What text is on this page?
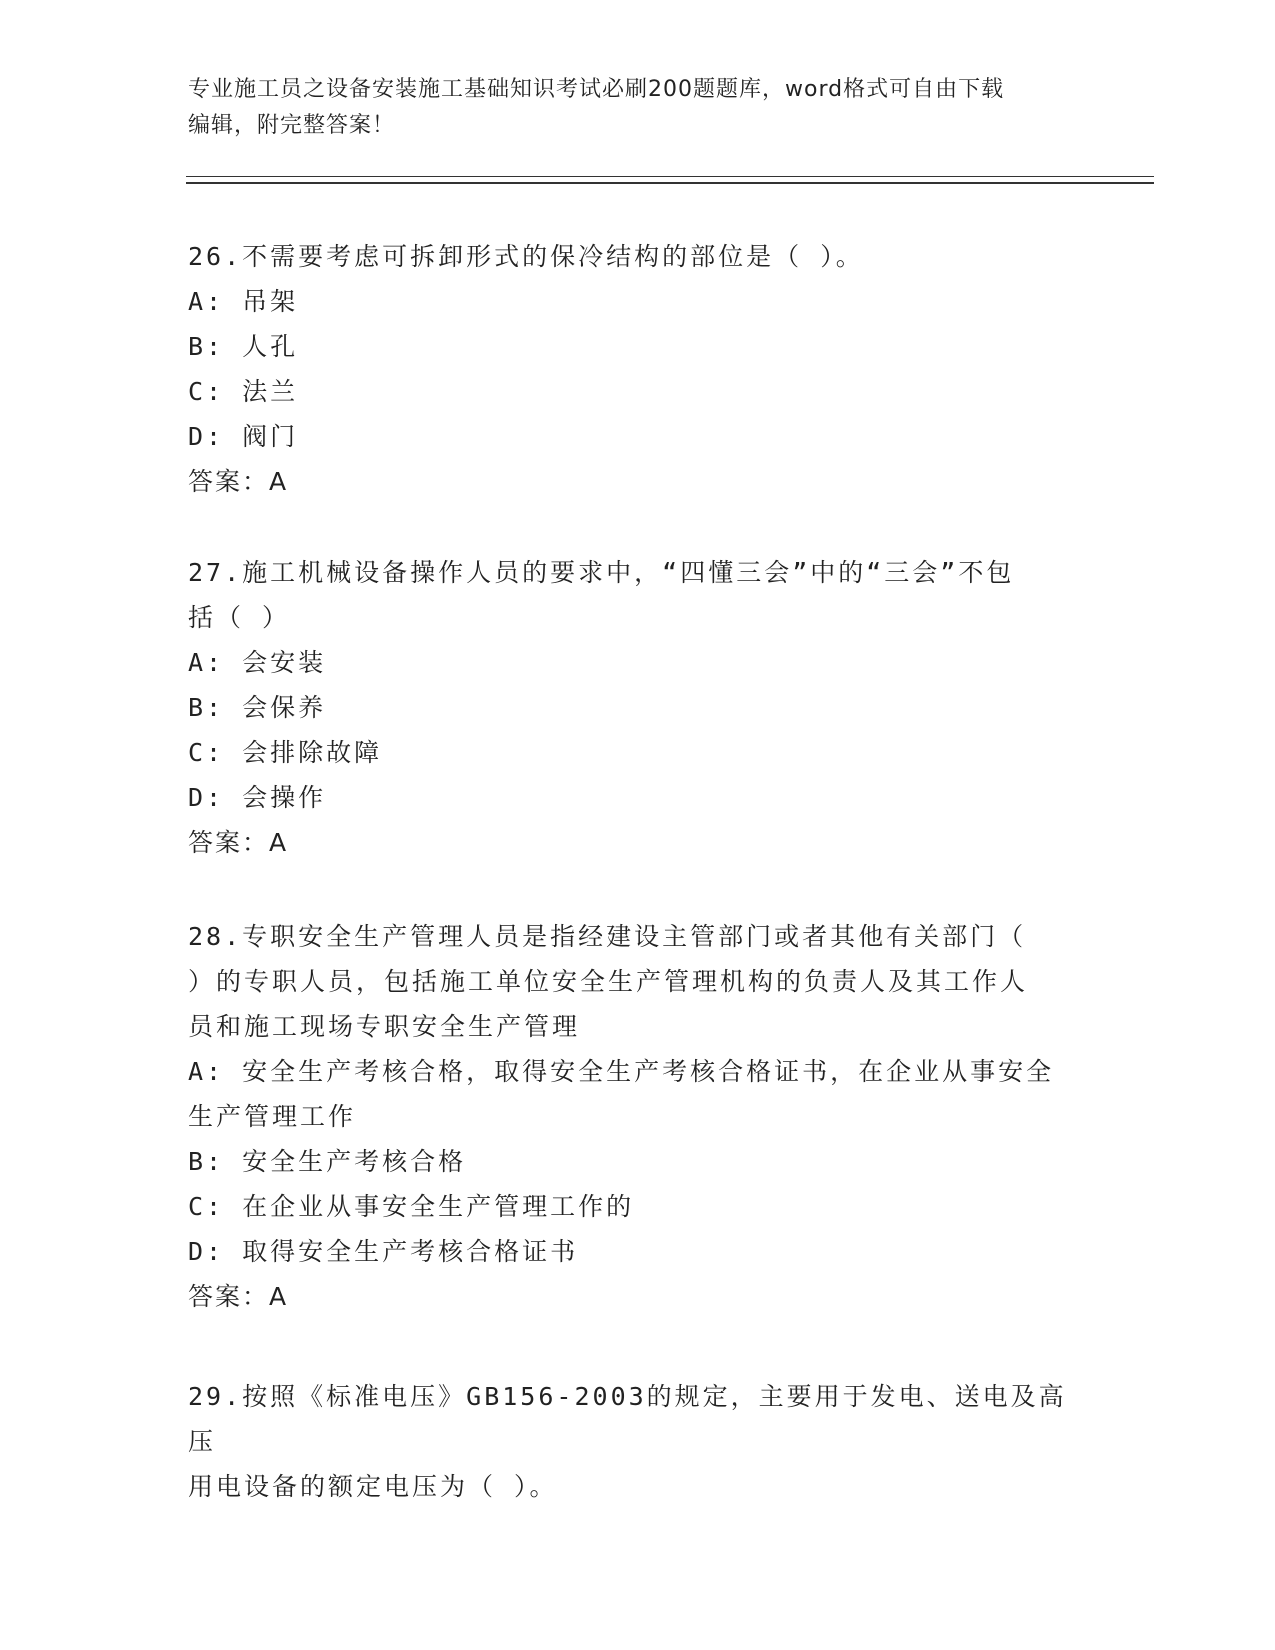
专业施工员之设备安装施工基础知识考试必刷200题题库，word格式可自由下载
编辑，附完整答案！
26.不需要考虑可拆卸形式的保冷结构的部位是（ ）。
A: 吊架
B: 人孔
C: 法兰
D: 阀门
答案：A
27.施工机械设备操作人员的要求中，“四懂三会”中的“三会”不包
括（ ）
A: 会安装
B: 会保养
C: 会排除故障
D: 会操作
答案：A
28.专职安全生产管理人员是指经建设主管部门或者其他有关部门（
）的专职人员，包括施工单位安全生产管理机构的负责人及其工作人
员和施工现场专职安全生产管理
A: 安全生产考核合格，取得安全生产考核合格证书，在企业从事安全
生产管理工作
B: 安全生产考核合格
C: 在企业从事安全生产管理工作的
D: 取得安全生产考核合格证书
答案：A
29.按照《标准电压》GB156-2003的规定，主要用于发电、送电及高压
用电设备的额定电压为（ ）。
